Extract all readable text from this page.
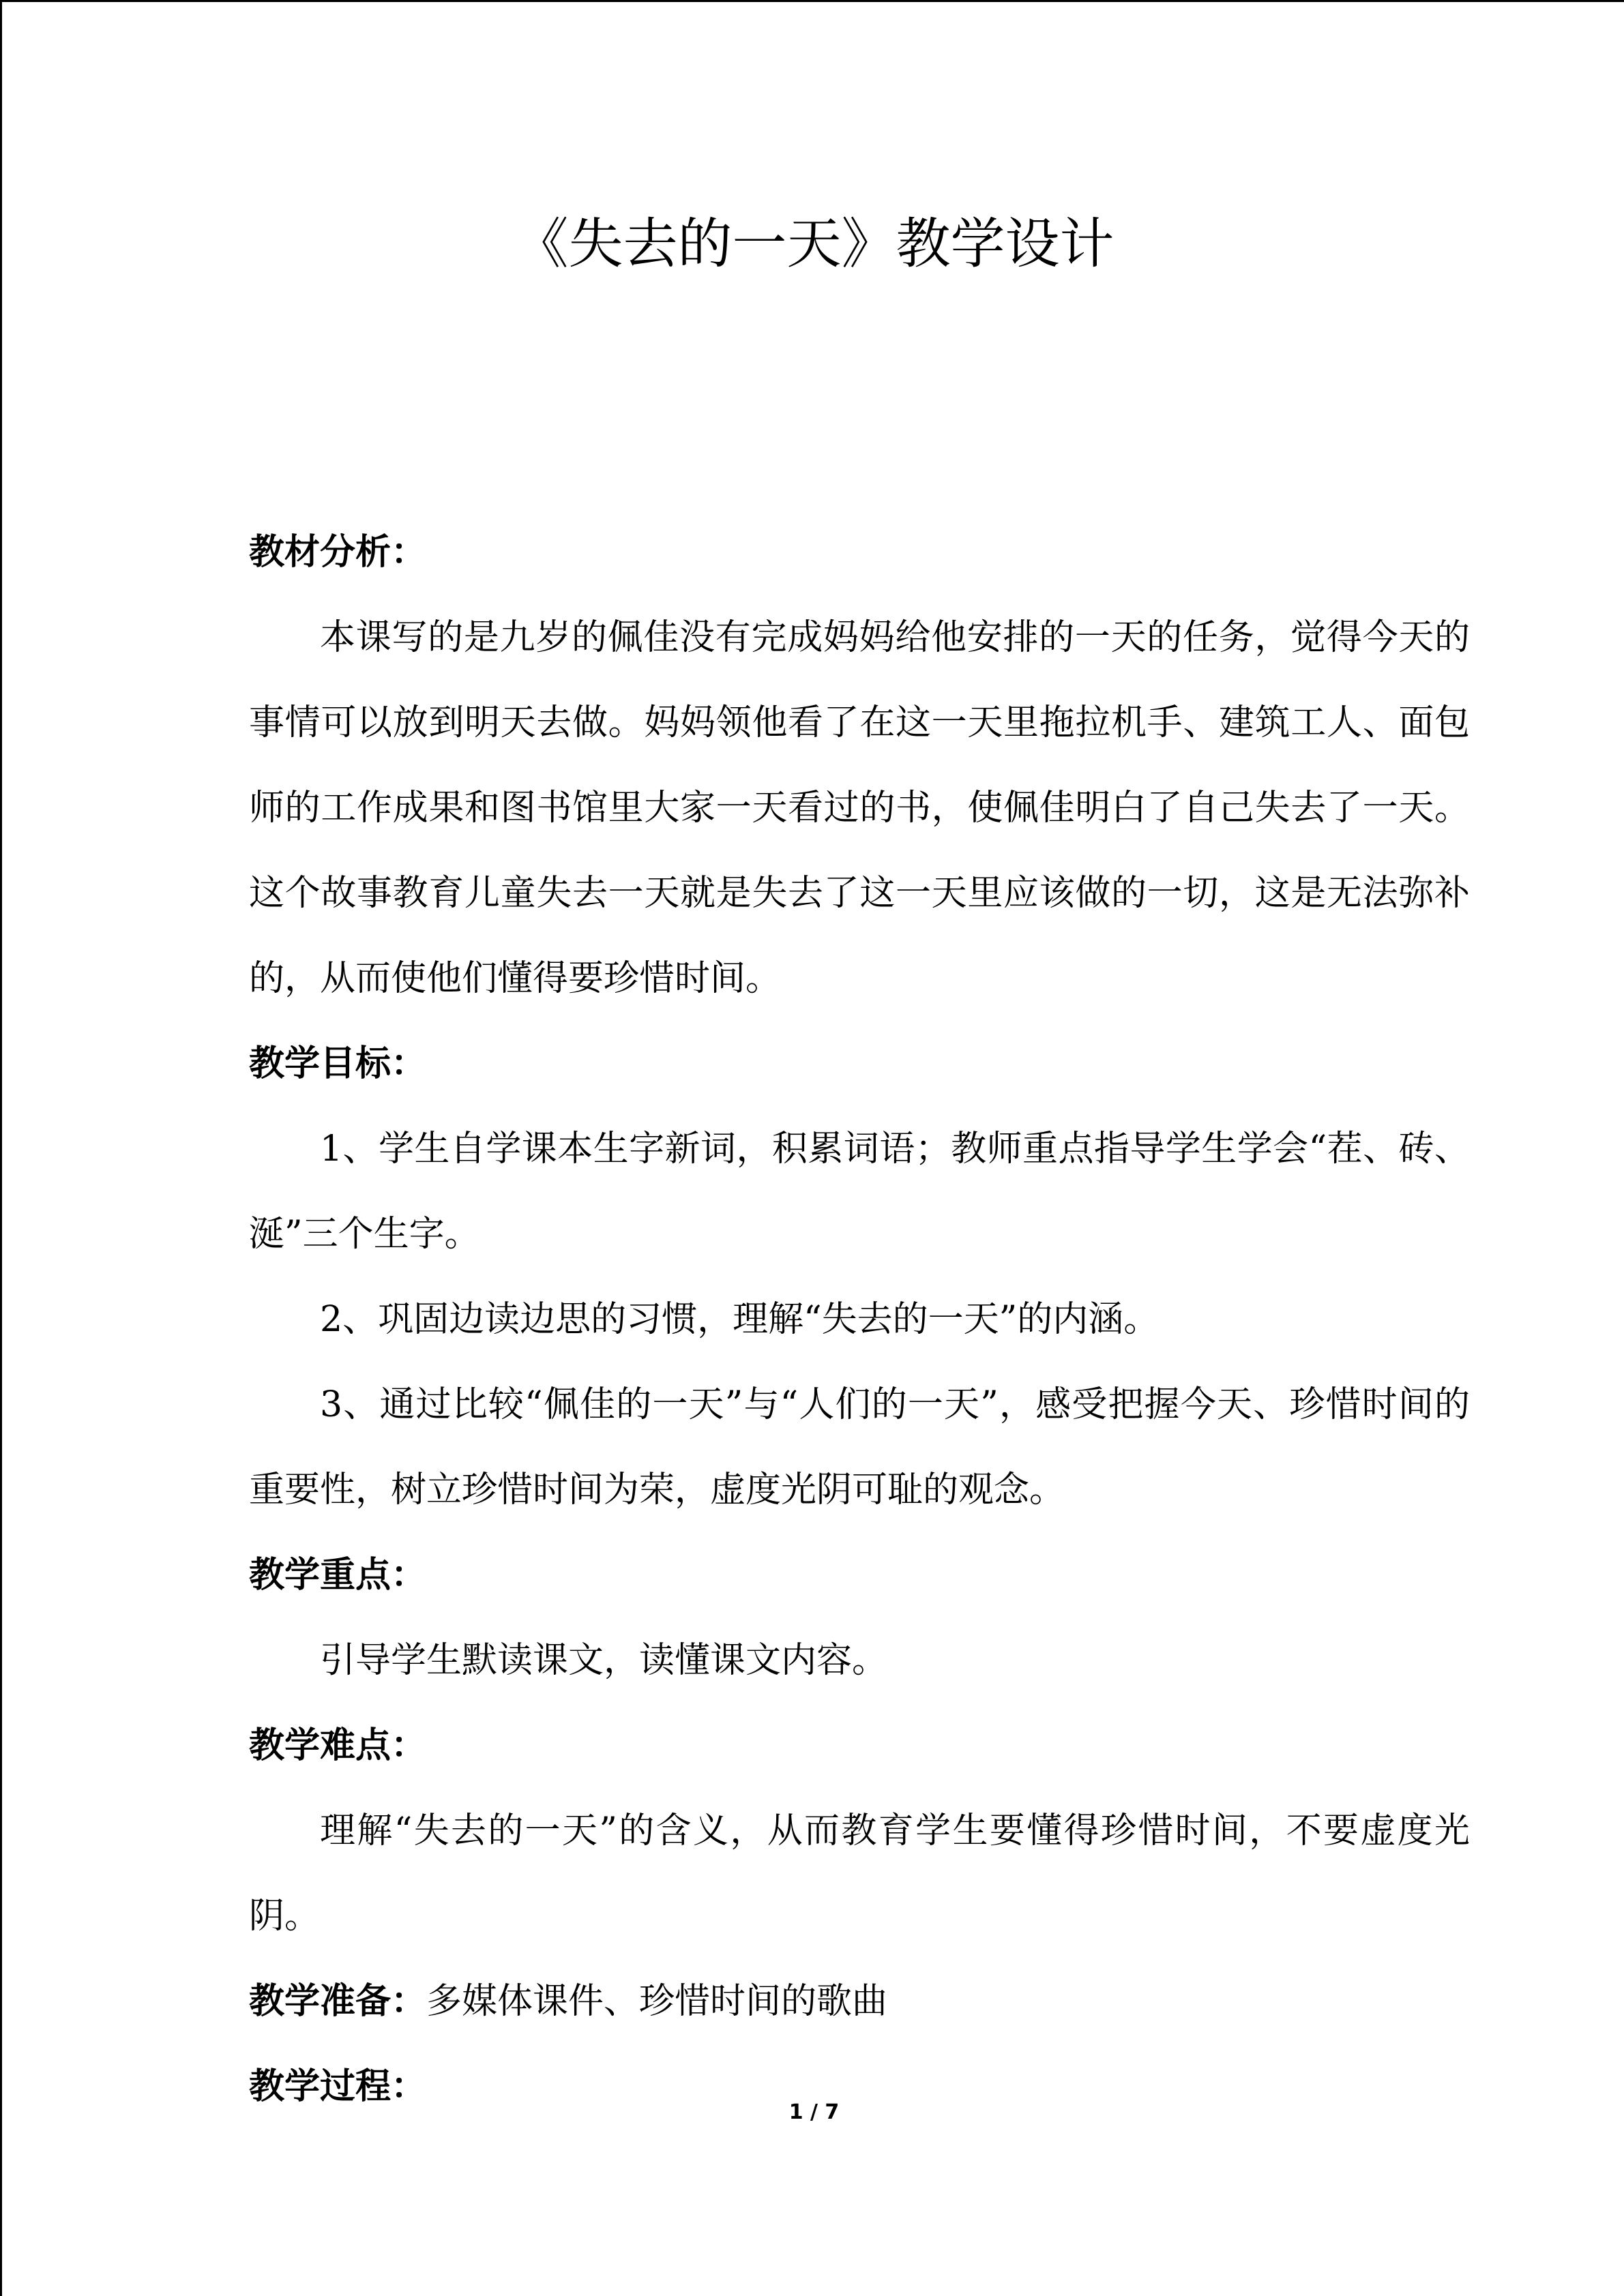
《失去的一天》教学设计
教材分析：

本课写的是九岁的佩佳没有完成妈妈给他安排的一天的任务，觉得今天的事情可以放到明天去做。妈妈领他看了在这一天里拖拉机手、建筑工人、面包师的工作成果和图书馆里大家一天看过的书，使佩佳明白了自己失去了一天。这个故事教育儿童失去一天就是失去了这一天里应该做的一切，这是无法弥补的，从而使他们懂得要珍惜时间。

教学目标：

1、学生自学课本生字新词，积累词语；教师重点指导学生学会“茬、砖、涎”三个生字。

2、巩固边读边思的习惯，理解“失去的一天”的内涵。

3、通过比较“佩佳的一天”与“人们的一天”，感受把握今天、珍惜时间的重要性，树立珍惜时间为荣，虚度光阴可耻的观念。

教学重点：

引导学生默读课文，读懂课文内容。

教学难点：

理解“失去的一天”的含义，从而教育学生要懂得珍惜时间，不要虚度光阴。

教学准备：多媒体课件、珍惜时间的歌曲
教学过程：
1 / 7
